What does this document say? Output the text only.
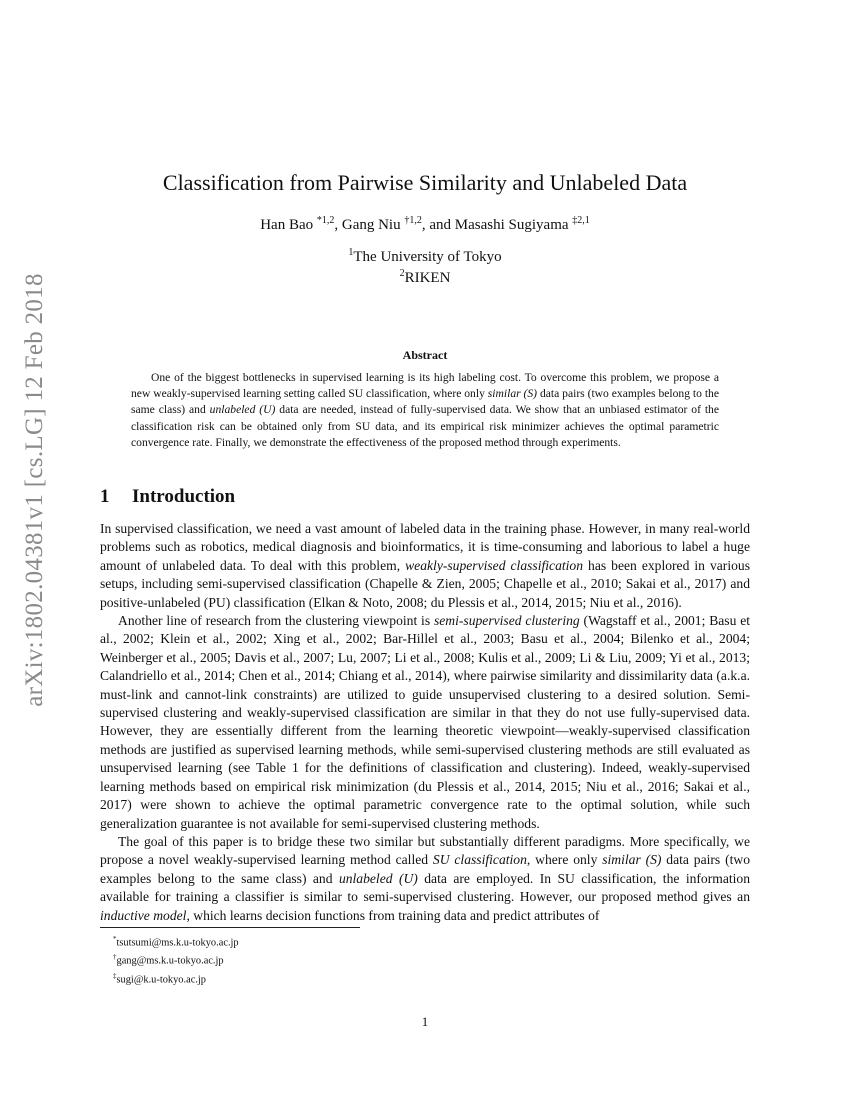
arXiv:1802.04381v1 [cs.LG] 12 Feb 2018
Classification from Pairwise Similarity and Unlabeled Data
Han Bao $^{*1,2}$, Gang Niu $^{\dagger 1,2}$, and Masashi Sugiyama $^{\ddagger 2,1}$
$^1$The University of Tokyo
$^2$RIKEN
Abstract

One of the biggest bottlenecks in supervised learning is its high labeling cost. To overcome this problem, we propose a new weakly-supervised learning setting called SU classification, where only similar (S) data pairs (two examples belong to the same class) and unlabeled (U) data are needed, instead of fully-supervised data. We show that an unbiased estimator of the classification risk can be obtained only from SU data, and its empirical risk minimizer achieves the optimal parametric convergence rate. Finally, we demonstrate the effectiveness of the proposed method through experiments.

1 Introduction

In supervised classification, we need a vast amount of labeled data in the training phase. However, in many real-world problems such as robotics, medical diagnosis and bioinformatics, it is time-consuming and laborious to label a huge amount of unlabeled data. To deal with this problem, weakly-supervised classification has been explored in various setups, including semi-supervised classification (Chapelle & Zien, 2005; Chapelle et al., 2010; Sakai et al., 2017) and positive-unlabeled (PU) classification (Elkan & Noto, 2008; du Plessis et al., 2014, 2015; Niu et al., 2016).

Another line of research from the clustering viewpoint is semi-supervised clustering (Wagstaff et al., 2001; Basu et al., 2002; Klein et al., 2002; Xing et al., 2002; Bar-Hillel et al., 2003; Basu et al., 2004; Bilenko et al., 2004; Weinberger et al., 2005; Davis et al., 2007; Lu, 2007; Li et al., 2008; Kulis et al., 2009; Li & Liu, 2009; Yi et al., 2013; Calandriello et al., 2014; Chen et al., 2014; Chiang et al., 2014), where pairwise similarity and dissimilarity data (a.k.a. must-link and cannot-link constraints) are utilized to guide unsupervised clustering to a desired solution. Semi-supervised clustering and weakly-supervised classification are similar in that they do not use fully-supervised data. However, they are essentially different from the learning theoretic viewpoint—weakly-supervised classification methods are justified as supervised learning methods, while semi-supervised clustering methods are still evaluated as unsupervised learning (see Table 1 for the definitions of classification and clustering). Indeed, weakly-supervised learning methods based on empirical risk minimization (du Plessis et al., 2014, 2015; Niu et al., 2016; Sakai et al., 2017) were shown to achieve the optimal parametric convergence rate to the optimal solution, while such generalization guarantee is not available for semi-supervised clustering methods.

The goal of this paper is to bridge these two similar but substantially different paradigms. More specifically, we propose a novel weakly-supervised learning method called SU classification, where only similar (S) data pairs (two examples belong to the same class) and unlabeled (U) data are employed. In SU classification, the information available for training a classifier is similar to semi-supervised clustering. However, our proposed method gives an inductive model, which learns decision functions from training data and predict attributes of

*tsutsumi@ms.k.u-tokyo.ac.jp
†gang@ms.k.u-tokyo.ac.jp
‡sugi@k.u-tokyo.ac.jp
1
